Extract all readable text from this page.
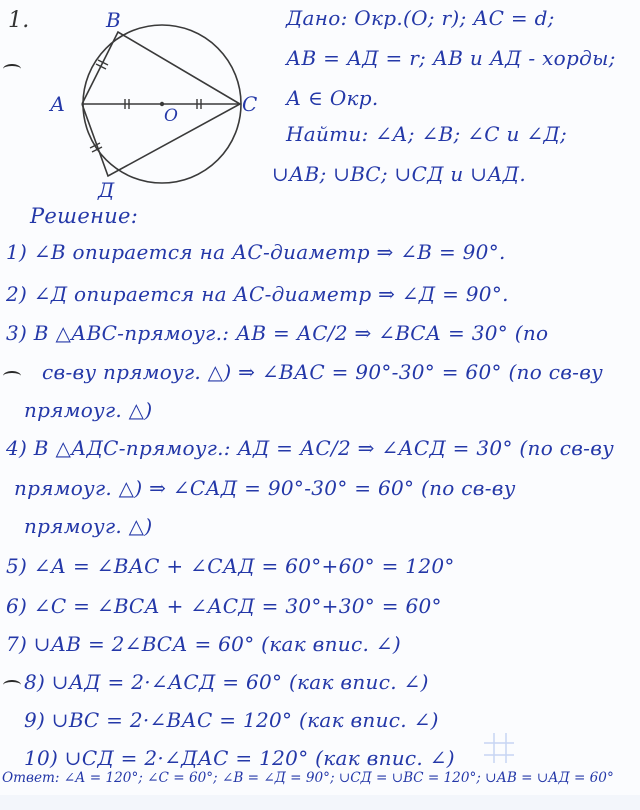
1.	В
А	С
Д
О
Дано: Окр.(О; r); АС = d;
АВ = АД = r; АВ и АД - хорды;
А ∈ Окр.
Найти: ∠А; ∠В; ∠С и ∠Д;
∪АВ; ∪ВС; ∪СД и ∪АД.
Решение:
1) ∠В опирается на АС-диаметр ⇒ ∠В = 90°.
2) ∠Д опирается на АС-диаметр ⇒ ∠Д = 90°.
3) В △АВС-прямоуг.: АВ = АС/2 ⇒ ∠ВСА = 30° (по
св-ву прямоуг. △) ⇒ ∠ВАС = 90°-30° = 60° (по св-ву
прямоуг. △)
4) В △АДС-прямоуг.: АД = АС/2 ⇒ ∠АСД = 30° (по св-ву
прямоуг. △) ⇒ ∠САД = 90°-30° = 60° (по св-ву
прямоуг. △)
5) ∠А = ∠ВАС + ∠САД = 60°+60° = 120°
6) ∠С = ∠ВСА + ∠АСД = 30°+30° = 60°
7) ∪АВ = 2∠ВСА = 60° (как впис. ∠)
8) ∪АД = 2·∠АСД = 60° (как впис. ∠)
9) ∪ВС = 2·∠ВАС = 120° (как впис. ∠)
10) ∪СД = 2·∠ДАС = 120° (как впис. ∠)
Ответ: ∠А = 120°; ∠С = 60°; ∠В = ∠Д = 90°; ∪СД = ∪ВС = 120°; ∪АВ = ∪АД = 60°
